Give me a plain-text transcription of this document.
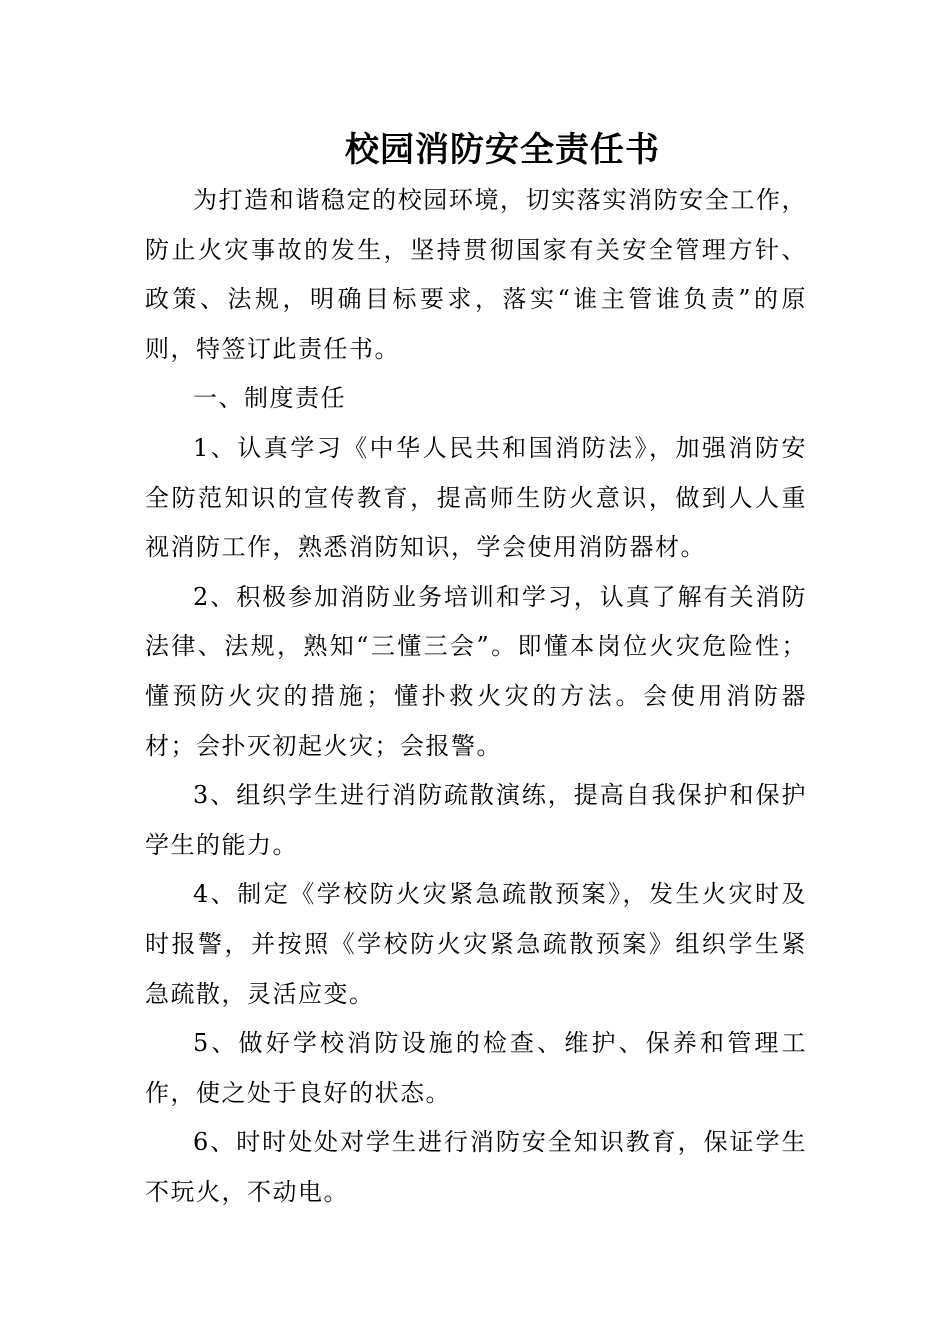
校园消防安全责任书

为打造和谐稳定的校园环境，切实落实消防安全工作，防止火灾事故的发生，坚持贯彻国家有关安全管理方针、政策、法规，明确目标要求，落实“谁主管谁负责”的原则，特签订此责任书。

一、制度责任

1、认真学习《中华人民共和国消防法》，加强消防安全防范知识的宣传教育，提高师生防火意识，做到人人重视消防工作，熟悉消防知识，学会使用消防器材。

2、积极参加消防业务培训和学习，认真了解有关消防法律、法规，熟知“三懂三会”。即懂本岗位火灾危险性；懂预防火灾的措施；懂扑救火灾的方法。会使用消防器材；会扑灭初起火灾；会报警。

3、组织学生进行消防疏散演练，提高自我保护和保护学生的能力。

4、制定《学校防火灾紧急疏散预案》，发生火灾时及时报警，并按照《学校防火灾紧急疏散预案》组织学生紧急疏散，灵活应变。

5、做好学校消防设施的检查、维护、保养和管理工作，使之处于良好的状态。

6、时时处处对学生进行消防安全知识教育，保证学生不玩火，不动电。
